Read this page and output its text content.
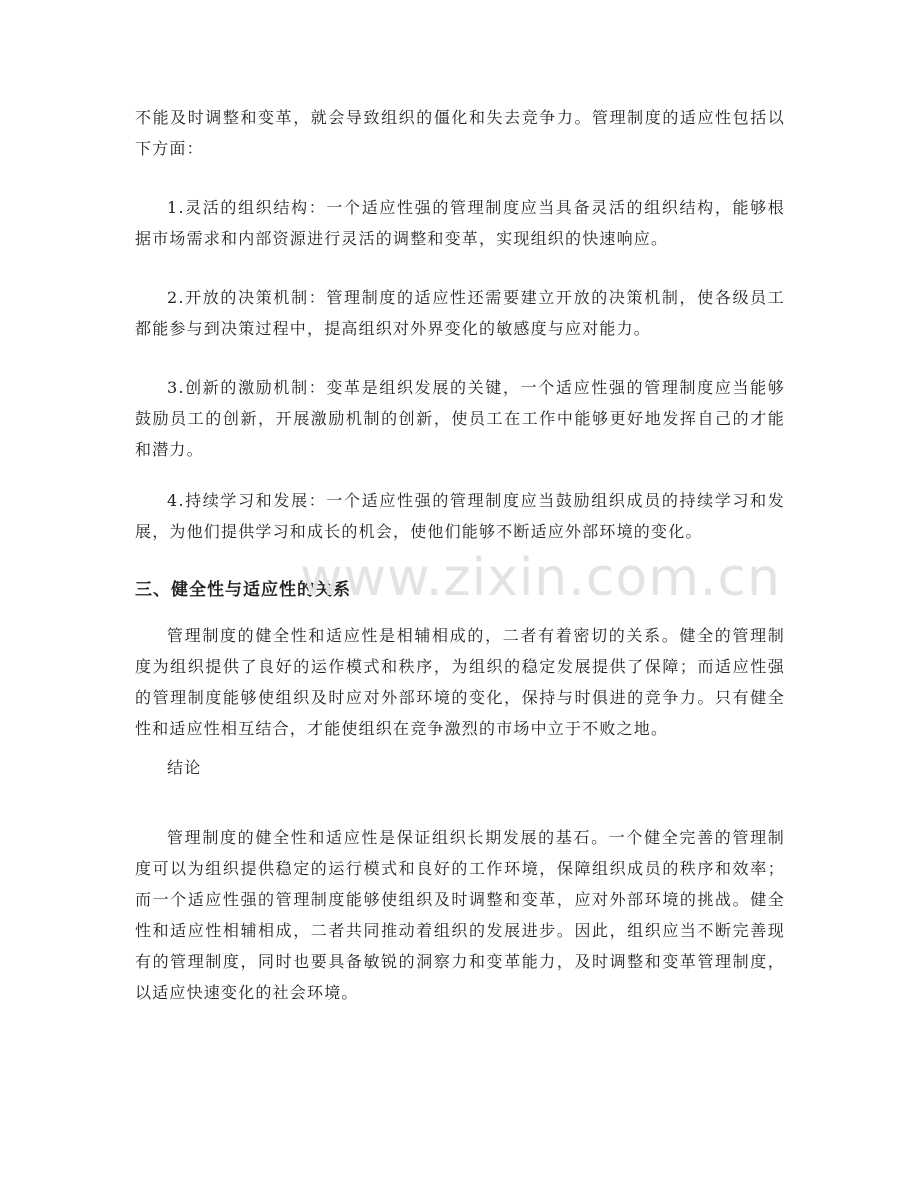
不能及时调整和变革，就会导致组织的僵化和失去竞争力。管理制度的适应性包括以下方面：

1.灵活的组织结构：一个适应性强的管理制度应当具备灵活的组织结构，能够根据市场需求和内部资源进行灵活的调整和变革，实现组织的快速响应。

2.开放的决策机制：管理制度的适应性还需要建立开放的决策机制，使各级员工都能参与到决策过程中，提高组织对外界变化的敏感度与应对能力。

3.创新的激励机制：变革是组织发展的关键，一个适应性强的管理制度应当能够鼓励员工的创新，开展激励机制的创新，使员工在工作中能够更好地发挥自己的才能和潜力。

4.持续学习和发展：一个适应性强的管理制度应当鼓励组织成员的持续学习和发展，为他们提供学习和成长的机会，使他们能够不断适应外部环境的变化。

三、健全性与适应性的关系

管理制度的健全性和适应性是相辅相成的，二者有着密切的关系。健全的管理制度为组织提供了良好的运作模式和秩序，为组织的稳定发展提供了保障；而适应性强的管理制度能够使组织及时应对外部环境的变化，保持与时俱进的竞争力。只有健全性和适应性相互结合，才能使组织在竞争激烈的市场中立于不败之地。

结论

管理制度的健全性和适应性是保证组织长期发展的基石。一个健全完善的管理制度可以为组织提供稳定的运行模式和良好的工作环境，保障组织成员的秩序和效率；而一个适应性强的管理制度能够使组织及时调整和变革，应对外部环境的挑战。健全性和适应性相辅相成，二者共同推动着组织的发展进步。因此，组织应当不断完善现有的管理制度，同时也要具备敏锐的洞察力和变革能力，及时调整和变革管理制度，以适应快速变化的社会环境。

www.zixin.com.cn
